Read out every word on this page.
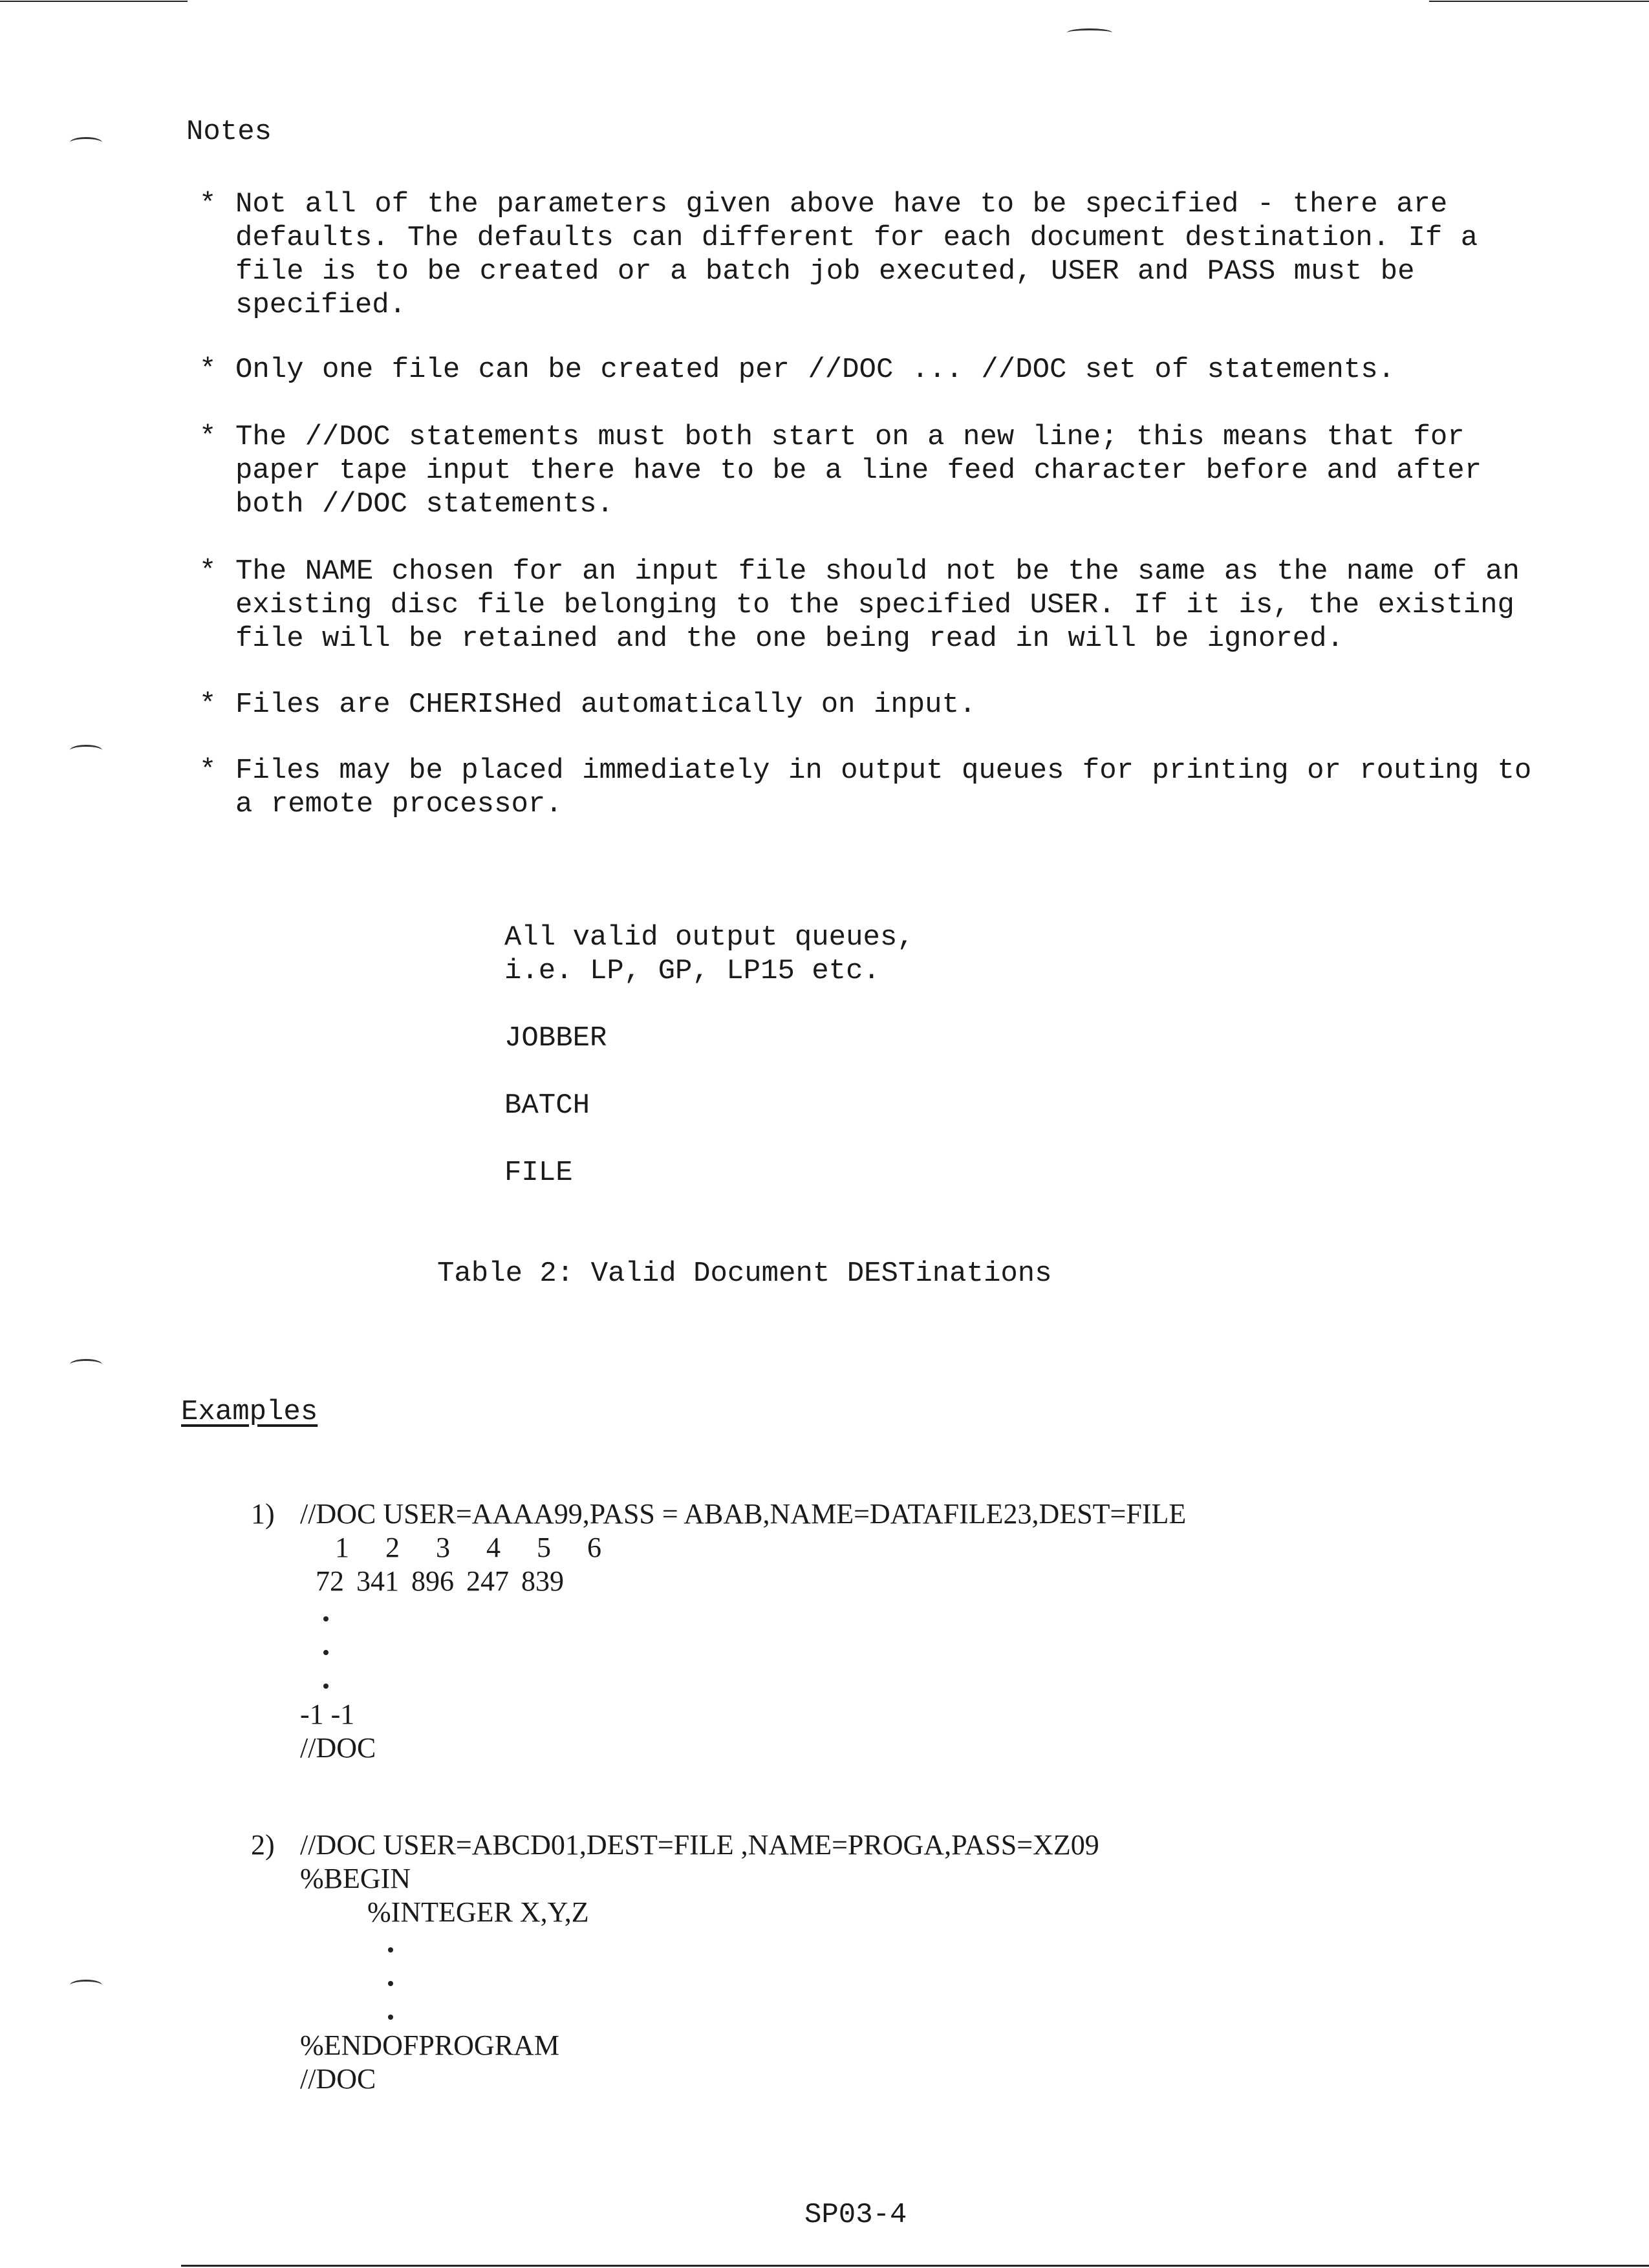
Notes
* Not all of the parameters given above have to be specified - there are defaults. The defaults can different for each document destination. If a file is to be created or a batch job executed, USER and PASS must be specified.
* Only one file can be created per //DOC ... //DOC set of statements.
* The //DOC statements must both start on a new line; this means that for paper tape input there have to be a line feed character before and after both //DOC statements.
* The NAME chosen for an input file should not be the same as the name of an existing disc file belonging to the specified USER. If it is, the existing file will be retained and the one being read in will be ignored.
* Files are CHERISHed automatically on input.
* Files may be placed immediately in output queues for printing or routing to a remote processor.
All valid output queues,
i.e. LP, GP, LP15 etc.
JOBBER
BATCH
FILE
Table 2: Valid Document DESTinations
Examples
1) //DOC USER=AAAA99,PASS = ABAB,NAME=DATAFILE23,DEST=FILE
1 2 3 4 5 6
72 341 896 247 839
-1 -1
//DOC
2) //DOC USER=ABCD01,DEST=FILE ,NAME=PROGA,PASS=XZ09
%BEGIN
%INTEGER X,Y,Z
%ENDOFPROGRAM
//DOC
SP03-4
